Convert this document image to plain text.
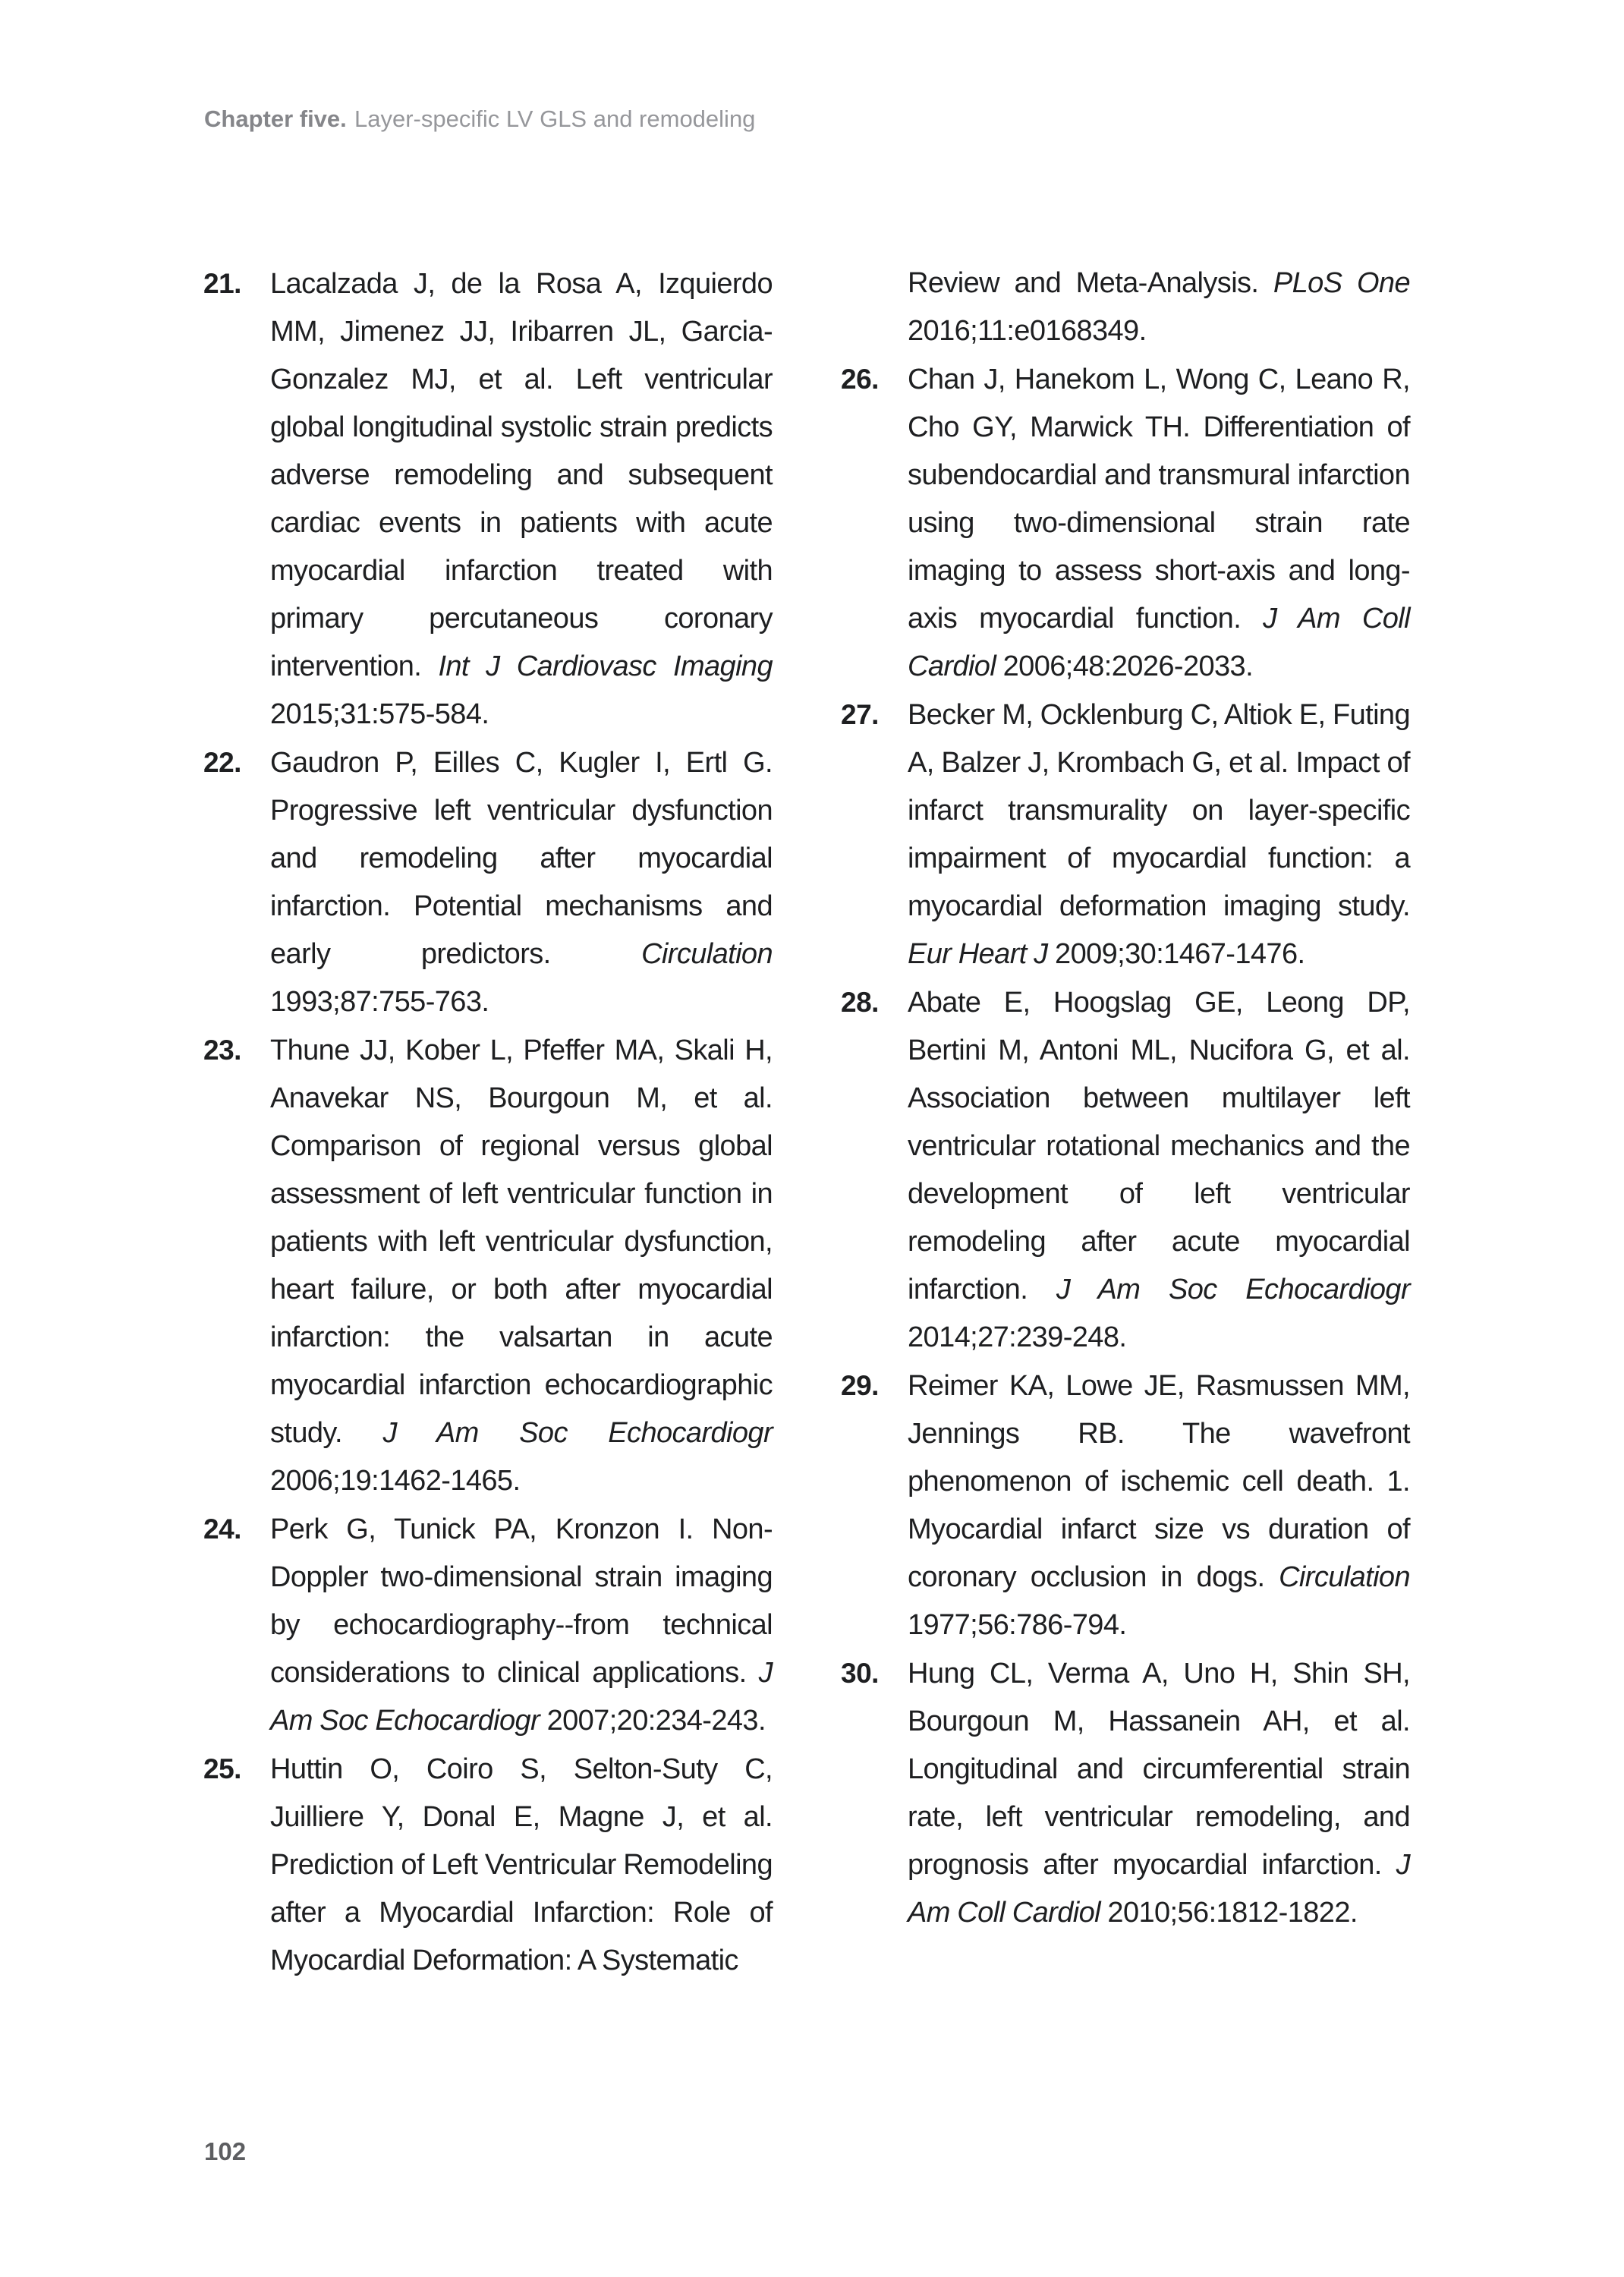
Chapter five. Layer-specific LV GLS and remodeling
21.	Lacalzada J, de la Rosa A, Izquierdo MM, Jimenez JJ, Iribarren JL, Garcia-Gonzalez MJ, et al. Left ventricular global longitudinal systolic strain predicts adverse remodeling and subsequent cardiac events in patients with acute myocardial infarction treated with primary percutaneous coronary intervention. Int J Cardiovasc Imaging 2015;31:575-584.
22.	Gaudron P, Eilles C, Kugler I, Ertl G. Progressive left ventricular dysfunction and remodeling after myocardial infarction. Potential mechanisms and early predictors. Circulation 1993;87:755-763.
23.	Thune JJ, Kober L, Pfeffer MA, Skali H, Anavekar NS, Bourgoun M, et al. Comparison of regional versus global assessment of left ventricular function in patients with left ventricular dysfunction, heart failure, or both after myocardial infarction: the valsartan in acute myocardial infarction echocardiographic study. J Am Soc Echocardiogr 2006;19:1462-1465.
24.	Perk G, Tunick PA, Kronzon I. Non-Doppler two-dimensional strain imaging by echocardiography--from technical considerations to clinical applications. J Am Soc Echocardiogr 2007;20:234-243.
25.	Huttin O, Coiro S, Selton-Suty C, Juilliere Y, Donal E, Magne J, et al. Prediction of Left Ventricular Remodeling after a Myocardial Infarction: Role of Myocardial Deformation: A Systematic
Review and Meta-Analysis. PLoS One 2016;11:e0168349.
26.	Chan J, Hanekom L, Wong C, Leano R, Cho GY, Marwick TH. Differentiation of subendocardial and transmural infarction using two-dimensional strain rate imaging to assess short-axis and long-axis myocardial function. J Am Coll Cardiol 2006;48:2026-2033.
27.	Becker M, Ocklenburg C, Altiok E, Futing A, Balzer J, Krombach G, et al. Impact of infarct transmurality on layer-specific impairment of myocardial function: a myocardial deformation imaging study. Eur Heart J 2009;30:1467-1476.
28.	Abate E, Hoogslag GE, Leong DP, Bertini M, Antoni ML, Nucifora G, et al. Association between multilayer left ventricular rotational mechanics and the development of left ventricular remodeling after acute myocardial infarction. J Am Soc Echocardiogr 2014;27:239-248.
29.	Reimer KA, Lowe JE, Rasmussen MM, Jennings RB. The wavefront phenomenon of ischemic cell death. 1. Myocardial infarct size vs duration of coronary occlusion in dogs. Circulation 1977;56:786-794.
30.	Hung CL, Verma A, Uno H, Shin SH, Bourgoun M, Hassanein AH, et al. Longitudinal and circumferential strain rate, left ventricular remodeling, and prognosis after myocardial infarction. J Am Coll Cardiol 2010;56:1812-1822.
102
